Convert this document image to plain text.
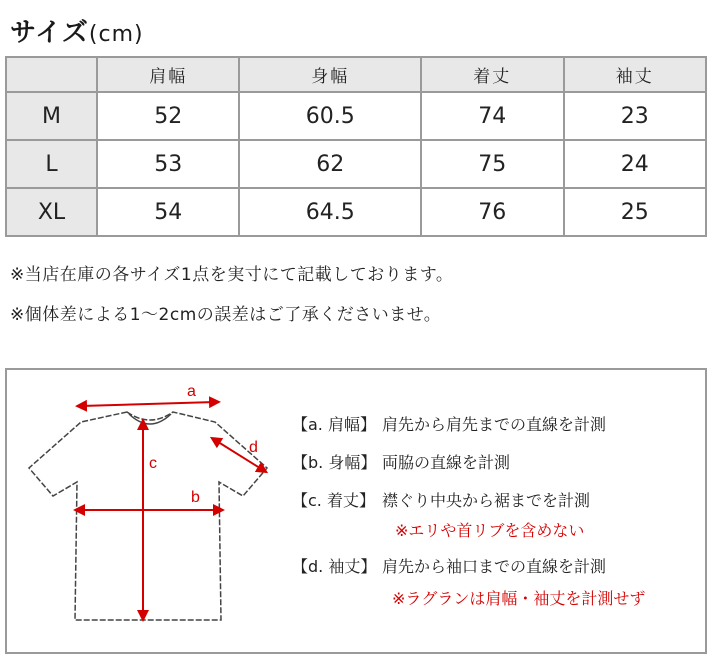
サイズ(cm)
	肩幅	身幅	着丈	袖丈
M	52	60.5	74	23
L	53	62	75	24
XL	54	64.5	76	25
※当店在庫の各サイズ1点を実寸にて記載しております。
※個体差による1〜2cmの誤差はご了承くださいませ。
a
b
c
d
【a. 肩幅】 肩先から肩先までの直線を計測
【b. 身幅】 両脇の直線を計測
【c. 着丈】 襟ぐり中央から裾までを計測
※エリや首リブを含めない
【d. 袖丈】 肩先から袖口までの直線を計測
※ラグランは肩幅・袖丈を計測せず
